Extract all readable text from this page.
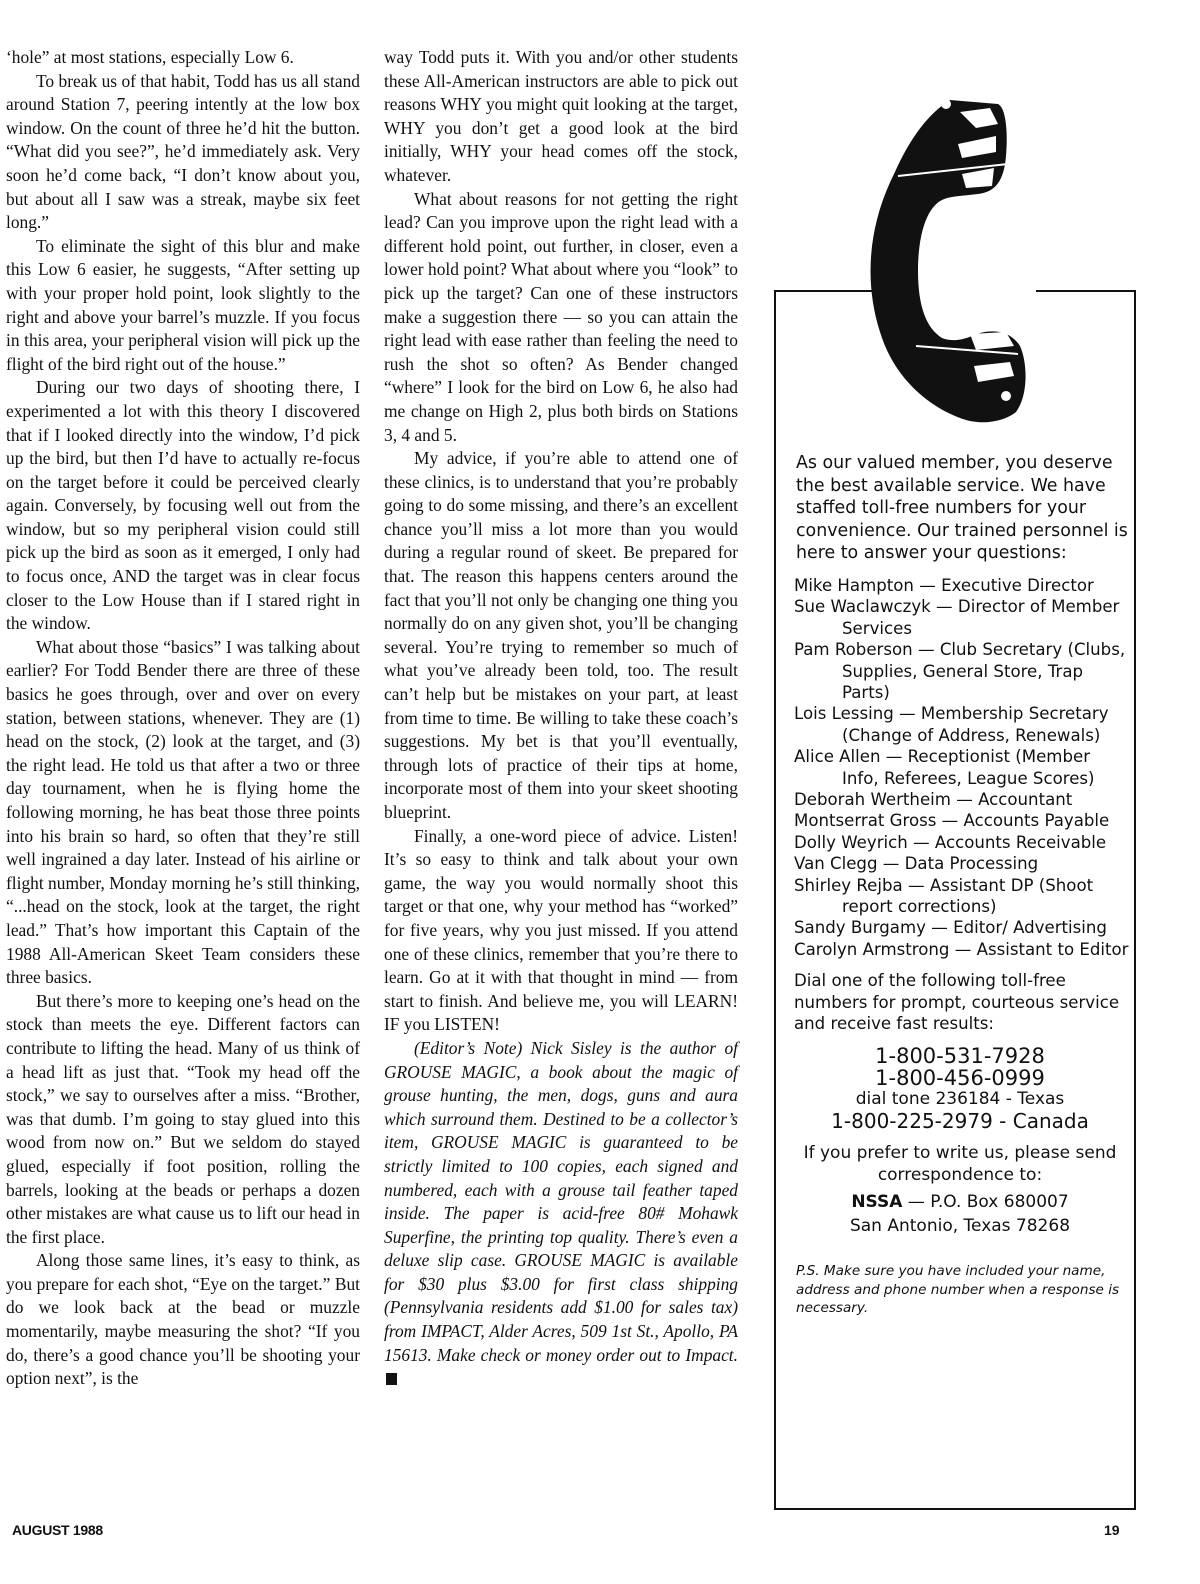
‘hole” at most stations, especially Low 6.

To break us of that habit, Todd has us all stand around Station 7, peering intently at the low box window. On the count of three he’d hit the button. “What did you see?”, he’d immediately ask. Very soon he’d come back, “I don’t know about you, but about all I saw was a streak, maybe six feet long.”

To eliminate the sight of this blur and make this Low 6 easier, he suggests, “After setting up with your proper hold point, look slightly to the right and above your barrel’s muzzle. If you focus in this area, your peripheral vision will pick up the flight of the bird right out of the house.”

During our two days of shooting there, I experimented a lot with this theory I discovered that if I looked directly into the window, I’d pick up the bird, but then I’d have to actually re-focus on the target before it could be perceived clearly again. Conversely, by focusing well out from the window, but so my peripheral vision could still pick up the bird as soon as it emerged, I only had to focus once, AND the target was in clear focus closer to the Low House than if I stared right in the window.

What about those “basics” I was talking about earlier? For Todd Bender there are three of these basics he goes through, over and over on every station, between stations, whenever. They are (1) head on the stock, (2) look at the target, and (3) the right lead. He told us that after a two or three day tournament, when he is flying home the following morning, he has beat those three points into his brain so hard, so often that they’re still well ingrained a day later. Instead of his airline or flight number, Monday morning he’s still thinking, “...head on the stock, look at the target, the right lead.” That’s how important this Captain of the 1988 All-American Skeet Team considers these three basics.

But there’s more to keeping one’s head on the stock than meets the eye. Different factors can contribute to lifting the head. Many of us think of a head lift as just that. “Took my head off the stock,” we say to ourselves after a miss. “Brother, was that dumb. I’m going to stay glued into this wood from now on.” But we seldom do stayed glued, especially if foot position, rolling the barrels, looking at the beads or perhaps a dozen other mistakes are what cause us to lift our head in the first place.

Along those same lines, it’s easy to think, as you prepare for each shot, “Eye on the target.” But do we look back at the bead or muzzle momentarily, maybe measuring the shot? “If you do, there’s a good chance you’ll be shooting your option next”, is the

way Todd puts it. With you and/or other students these All-American instructors are able to pick out reasons WHY you might quit looking at the target, WHY you don’t get a good look at the bird initially, WHY your head comes off the stock, whatever.

What about reasons for not getting the right lead? Can you improve upon the right lead with a different hold point, out further, in closer, even a lower hold point? What about where you “look” to pick up the target? Can one of these instructors make a suggestion there — so you can attain the right lead with ease rather than feeling the need to rush the shot so often? As Bender changed “where” I look for the bird on Low 6, he also had me change on High 2, plus both birds on Stations 3, 4 and 5.

My advice, if you’re able to attend one of these clinics, is to understand that you’re probably going to do some missing, and there’s an excellent chance you’ll miss a lot more than you would during a regular round of skeet. Be prepared for that. The reason this happens centers around the fact that you’ll not only be changing one thing you normally do on any given shot, you’ll be changing several. You’re trying to remember so much of what you’ve already been told, too. The result can’t help but be mistakes on your part, at least from time to time. Be willing to take these coach’s suggestions. My bet is that you’ll eventually, through lots of practice of their tips at home, incorporate most of them into your skeet shooting blueprint.

Finally, a one-word piece of advice. Listen! It’s so easy to think and talk about your own game, the way you would normally shoot this target or that one, why your method has “worked” for five years, why you just missed. If you attend one of these clinics, remember that you’re there to learn. Go at it with that thought in mind — from start to finish. And believe me, you will LEARN! IF you LISTEN!

(Editor’s Note) Nick Sisley is the author of GROUSE MAGIC, a book about the magic of grouse hunting, the men, dogs, guns and aura which surround them. Destined to be a collector’s item, GROUSE MAGIC is guaranteed to be strictly limited to 100 copies, each signed and numbered, each with a grouse tail feather taped inside. The paper is acid-free 80# Mohawk Superfine, the printing top quality. There’s even a deluxe slip case. GROUSE MAGIC is available for $30 plus $3.00 for first class shipping (Pennsylvania residents add $1.00 for sales tax) from IMPACT, Alder Acres, 509 1st St., Apollo, PA 15613. Make check or money order out to Impact.

As our valued member, you deserve the best available service. We have staffed toll-free numbers for your convenience. Our trained personnel is here to answer your questions:

Mike Hampton — Executive Director

Sue Waclawczyk — Director of Member Services

Pam Roberson — Club Secretary (Clubs, Supplies, General Store, Trap Parts)

Lois Lessing — Membership Secretary (Change of Address, Renewals)

Alice Allen — Receptionist (Member Info, Referees, League Scores)

Deborah Wertheim — Accountant

Montserrat Gross — Accounts Payable

Dolly Weyrich — Accounts Receivable

Van Clegg — Data Processing

Shirley Rejba — Assistant DP (Shoot report corrections)

Sandy Burgamy — Editor/ Advertising

Carolyn Armstrong — Assistant to Editor

Dial one of the following toll-free numbers for prompt, courteous service and receive fast results:

1-800-531-7928

1-800-456-0999

dial tone 236184 - Texas

1-800-225-2979 - Canada

If you prefer to write us, please send correspondence to:

NSSA — P.O. Box 680007
San Antonio, Texas 78268

P.S. Make sure you have included your name, address and phone number when a response is necessary.

AUGUST 1988	19
